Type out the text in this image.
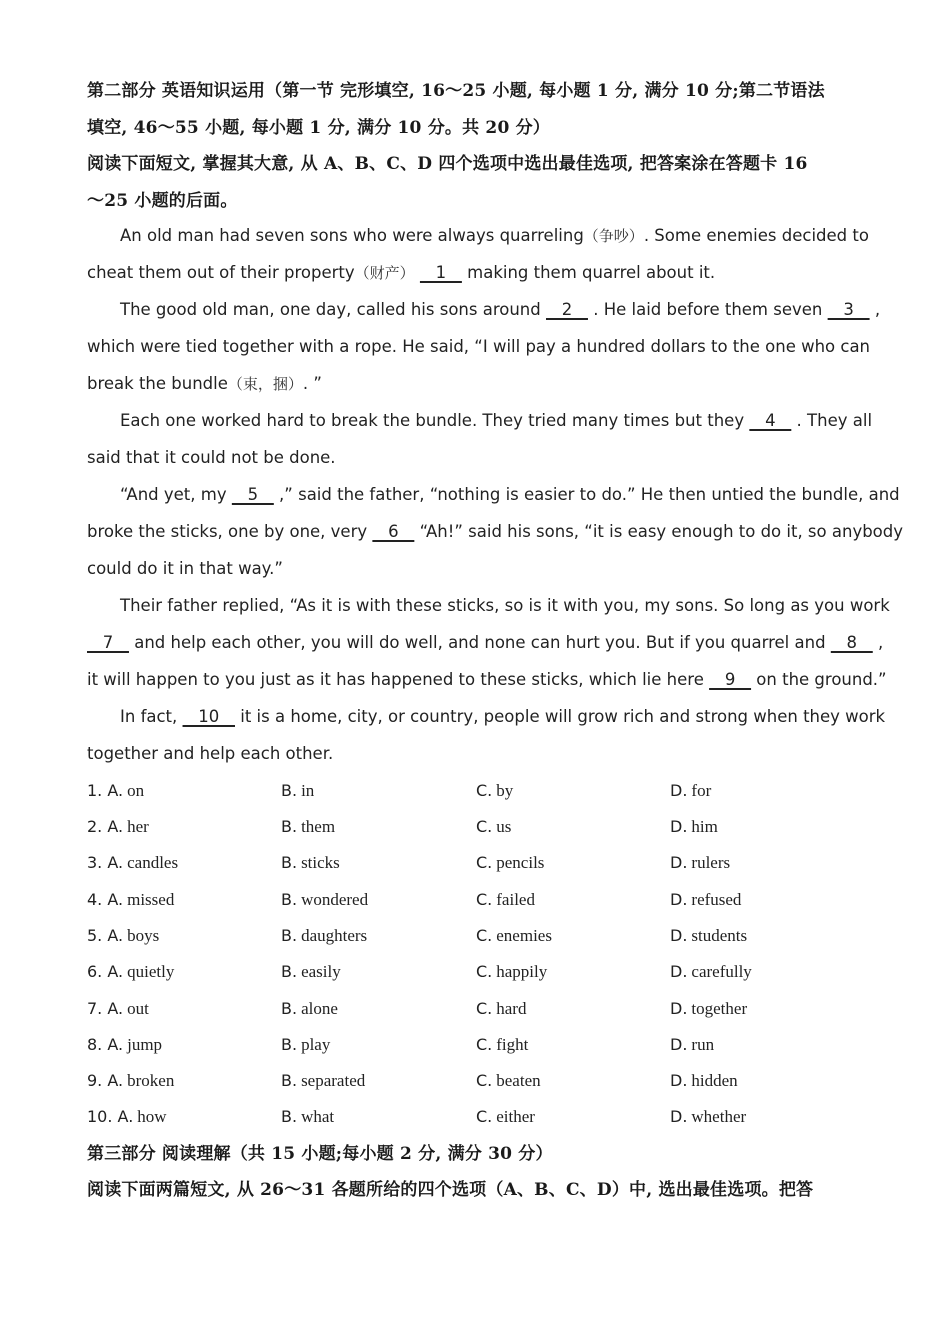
第二部分 英语知识运用（第一节 完形填空, 16～25 小题, 每小题 1 分, 满分 10 分;第二节语法
填空, 46～55 小题, 每小题 1 分, 满分 10 分。共 20 分）
阅读下面短文, 掌握其大意, 从 A、B、C、D 四个选项中选出最佳选项, 把答案涂在答题卡 16
～25 小题的后面。
An old man had seven sons who were always quarreling（争吵）. Some enemies decided to
cheat them out of their property（财产）    1    making them quarrel about it.
The good old man, one day, called his sons around    2    . He laid before them seven    3    ,
which were tied together with a rope. He said, “I will pay a hundred dollars to the one who can
break the bundle（束，捆）. ”
Each one worked hard to break the bundle. They tried many times but they    4    . They all
said that it could not be done.
“And yet, my    5    ,” said the father, “nothing is easier to do.” He then untied the bundle, and
broke the sticks, one by one, very    6    “Ah!” said his sons, “it is easy enough to do it, so anybody
could do it in that way.”
Their father replied, “As it is with these sticks, so is it with you, my sons. So long as you work
7    and help each other, you will do well, and none can hurt you. But if you quarrel and    8    ,
it will happen to you just as it has happened to these sticks, which lie here    9    on the ground.”
In fact,    10    it is a home, city, or country, people will grow rich and strong when they work
together and help each other.
1. A. on	B. in	C. by	D. for
2. A. her	B. them	C. us	D. him
3. A. candles	B. sticks	C. pencils	D. rulers
4. A. missed	B. wondered	C. failed	D. refused
5. A. boys	B. daughters	C. enemies	D. students
6. A. quietly	B. easily	C. happily	D. carefully
7. A. out	B. alone	C. hard	D. together
8. A. jump	B. play	C. fight	D. run
9. A. broken	B. separated	C. beaten	D. hidden
10. A. how	B. what	C. either	D. whether
第三部分 阅读理解（共 15 小题;每小题 2 分, 满分 30 分）
阅读下面两篇短文, 从 26～31 各题所给的四个选项（A、B、C、D）中, 选出最佳选项。把答
